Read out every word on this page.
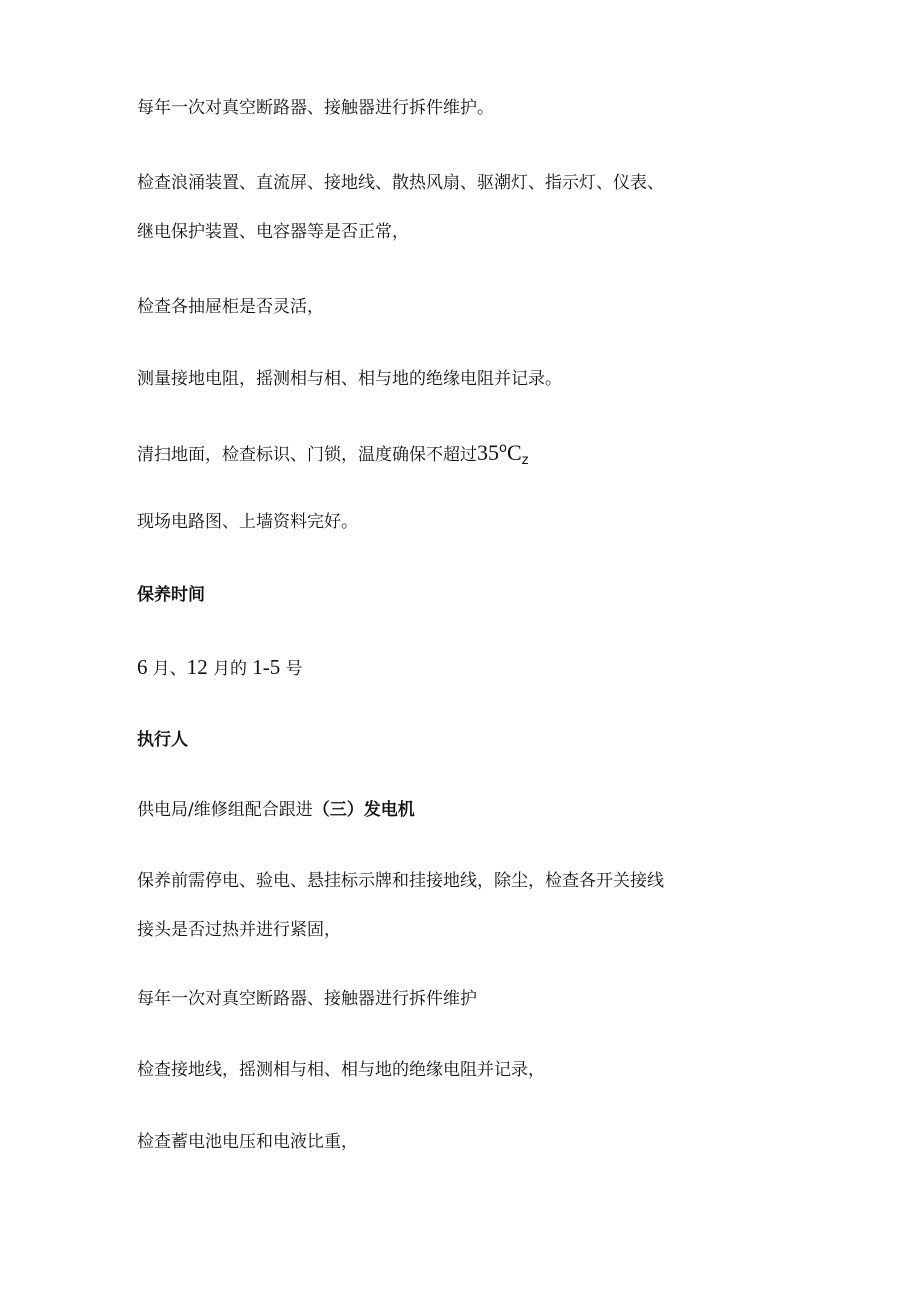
每年一次对真空断路器、接触器进行拆件维护。
检查浪涌装置、直流屏、接地线、散热风扇、驱潮灯、指示灯、仪表、
继电保护装置、电容器等是否正常，
检查各抽屉柜是否灵活，
测量接地电阻，摇测相与相、相与地的绝缘电阻并记录。
清扫地面，检查标识、门锁，温度确保不超过$35^oC_z$
现场电路图、上墙资料完好。
保养时间
6 月、12 月的 1-5 号
执行人
供电局/维修组配合跟进（三）发电机
保养前需停电、验电、悬挂标示牌和挂接地线，除尘，检查各开关接线
接头是否过热并进行紧固，
每年一次对真空断路器、接触器进行拆件维护
检查接地线，摇测相与相、相与地的绝缘电阻并记录，
检查蓄电池电压和电液比重，
